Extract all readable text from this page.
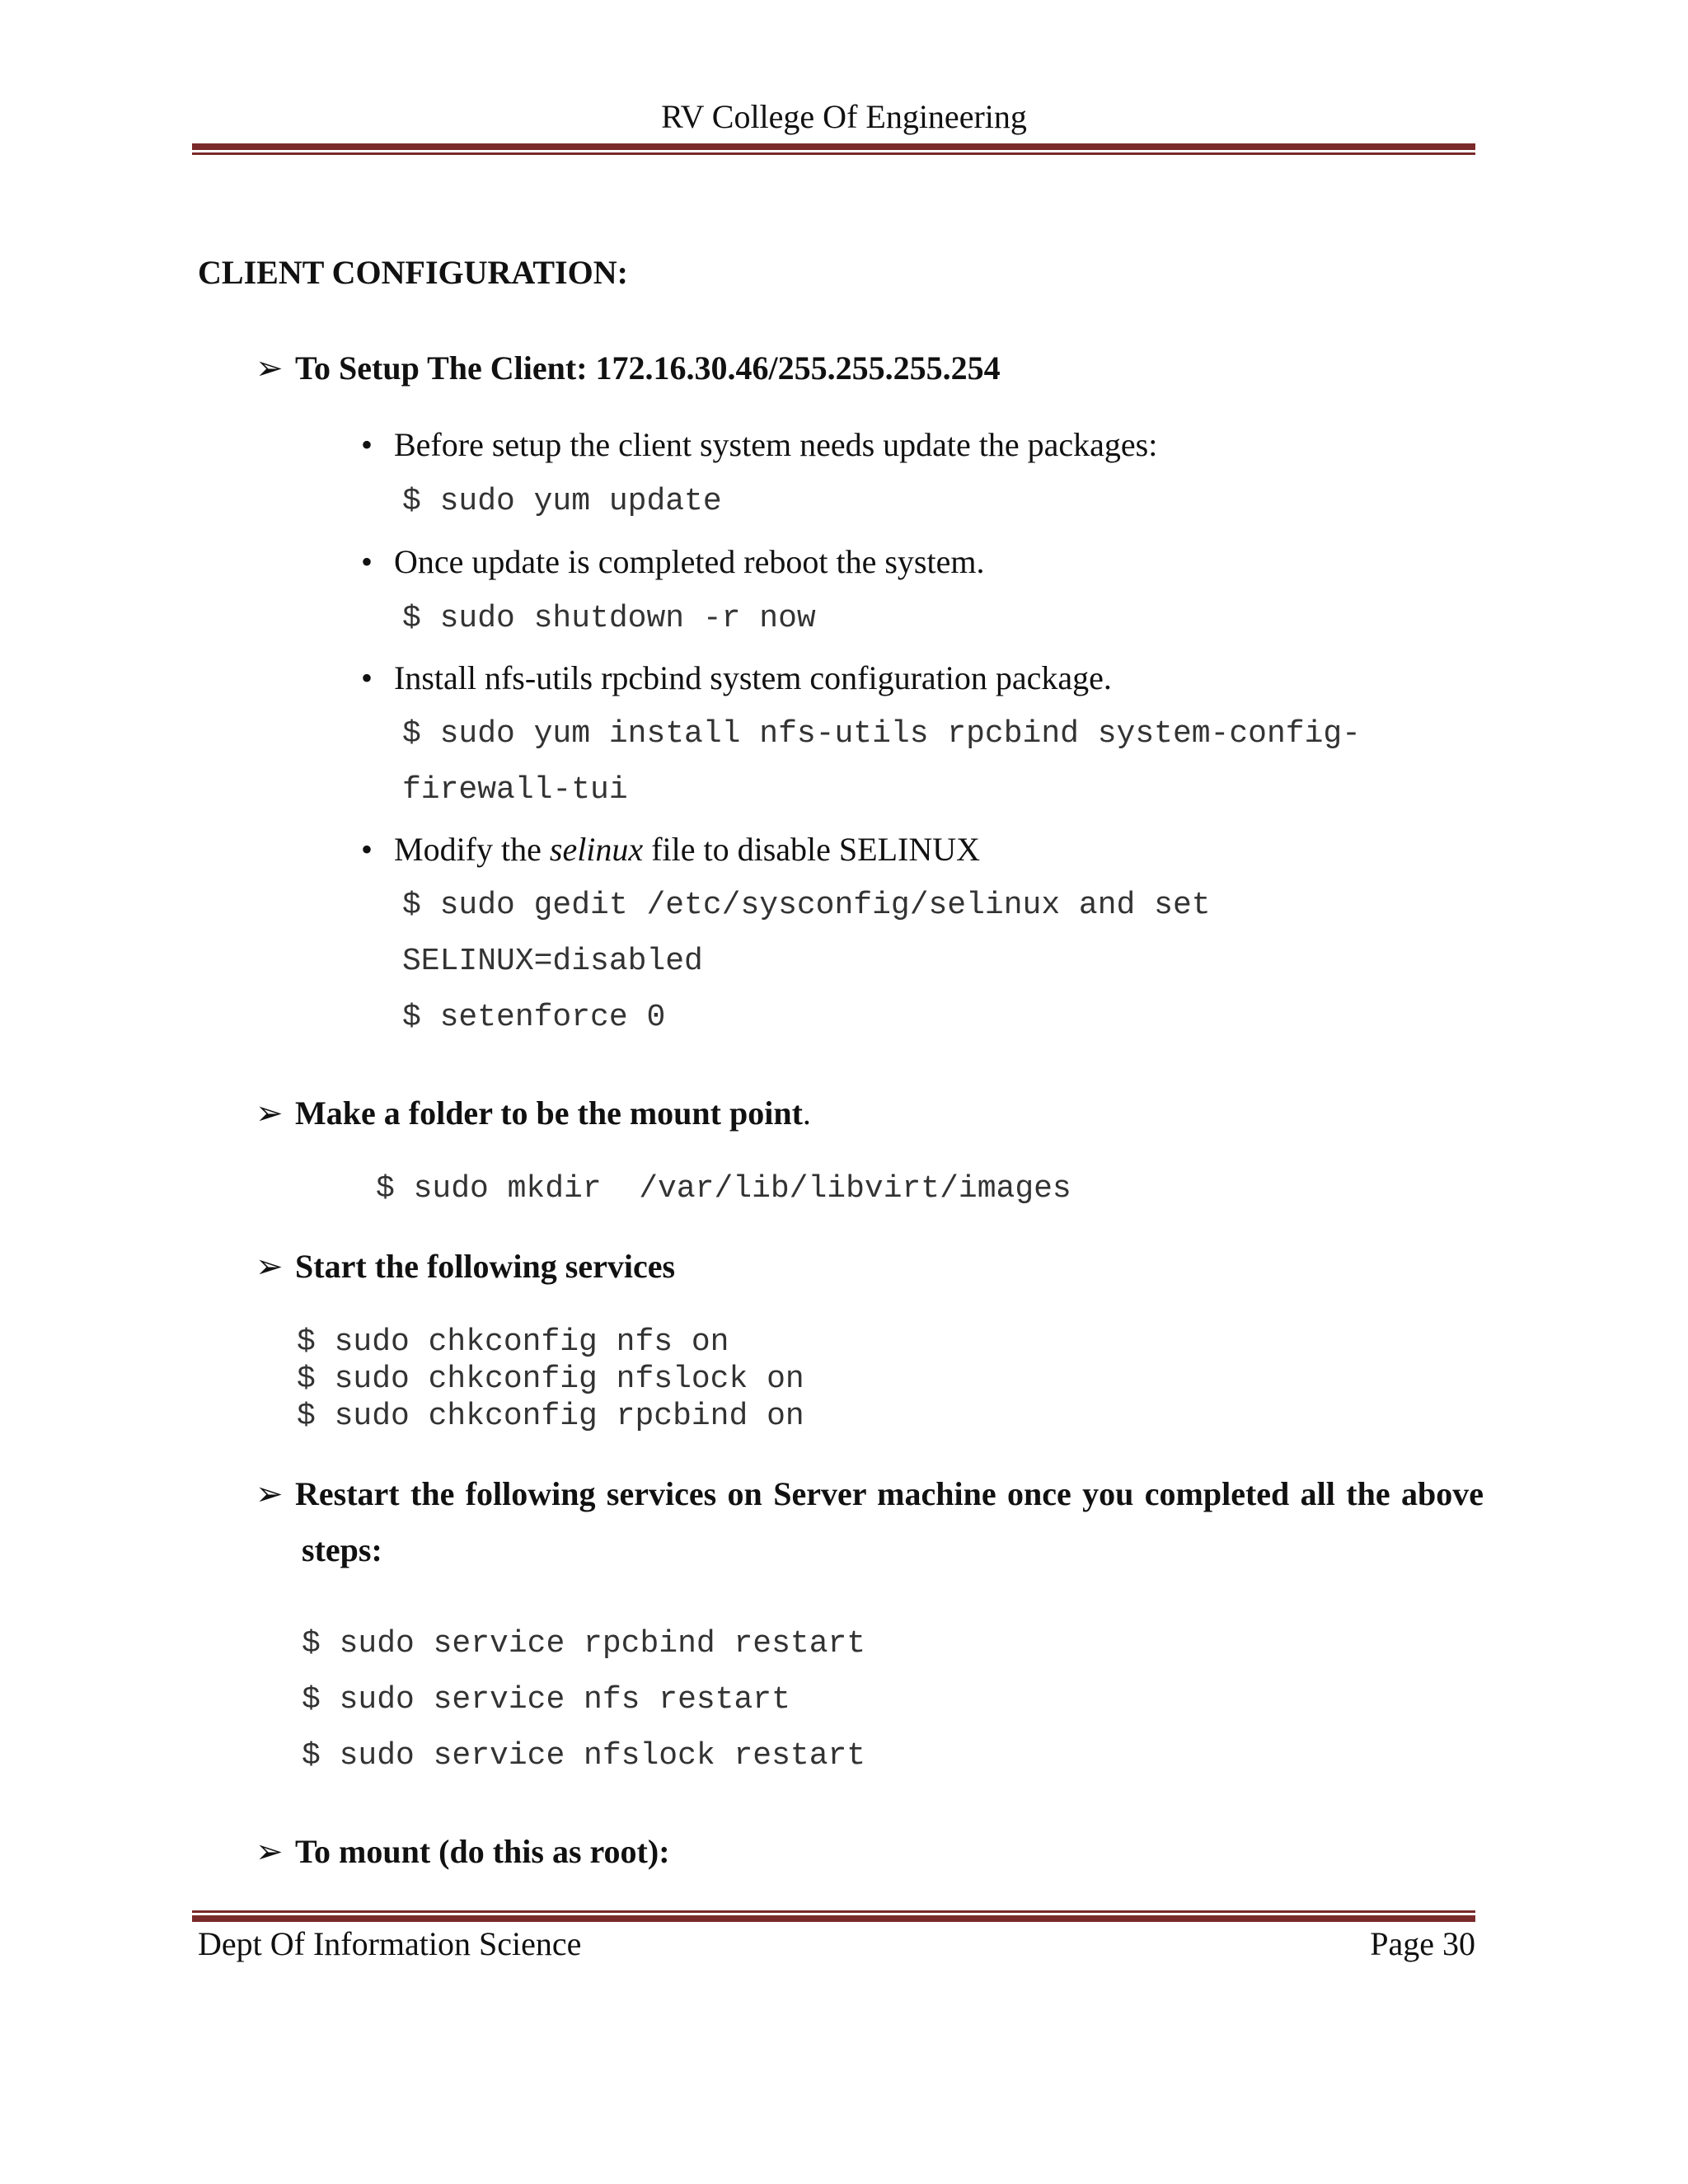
RV College Of Engineering
CLIENT CONFIGURATION:
➢ To Setup The Client: 172.16.30.46/255.255.255.254
• Before setup the client system needs update the packages:
$ sudo yum update
• Once update is completed reboot the system.
$ sudo shutdown -r now
• Install nfs-utils rpcbind system configuration package.
$ sudo yum install nfs-utils rpcbind system-config-
firewall-tui
• Modify the selinux file to disable SELINUX
$ sudo gedit /etc/sysconfig/selinux and set
SELINUX=disabled
$ setenforce 0
➢ Make a folder to be the mount point.
$ sudo mkdir  /var/lib/libvirt/images
➢ Start the following services
$ sudo chkconfig nfs on
$ sudo chkconfig nfslock on
$ sudo chkconfig rpcbind on
➢ Restart the following services on Server machine once you completed all the above
steps:
$ sudo service rpcbind restart
$ sudo service nfs restart
$ sudo service nfslock restart
➢ To mount (do this as root):
Dept Of Information Science	Page 30
